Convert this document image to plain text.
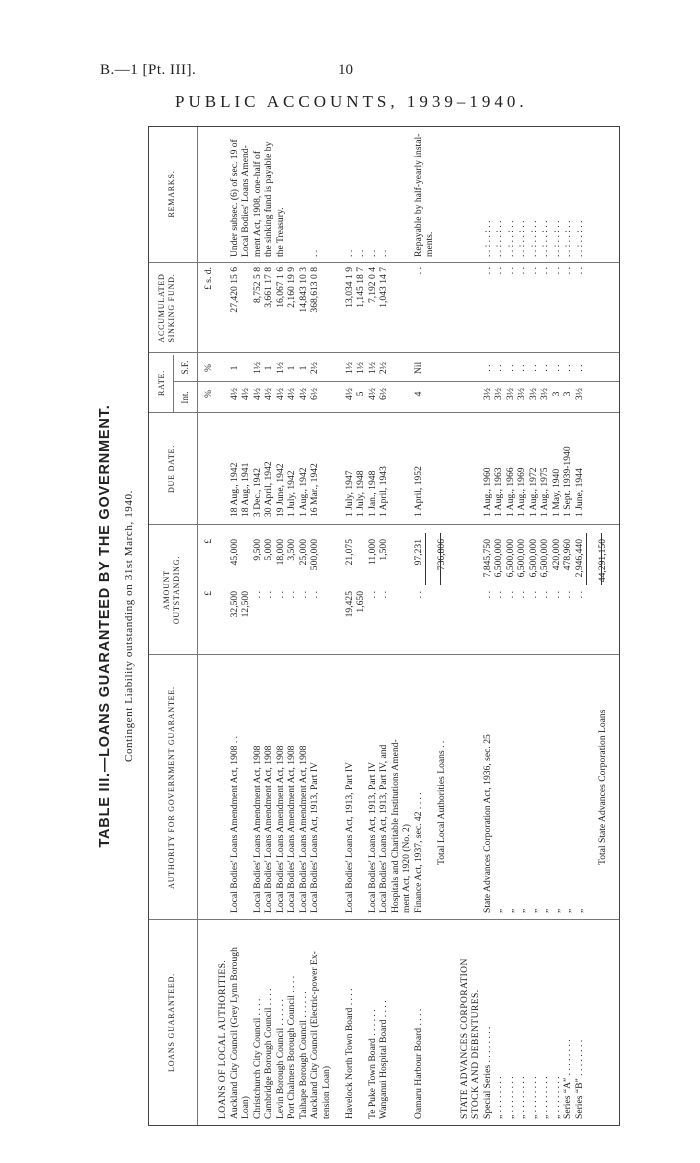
B.—1 [Pt. III].	10
PUBLIC ACCOUNTS, 1939–1940.
TABLE III.—LOANS GUARANTEED BY THE GOVERNMENT. Contingent Liability outstanding on 31st March, 1940.
LOANS GUARANTEED.
AUTHORITY FOR GOVERNMENT GUARANTEE.
AMOUNT OUTSTANDING.
DUE DATE.
RATE.
Int.
S.F.
ACCUMULATED SINKING FUND.
REMARKS.
£
£
%
%
£ s. d.
LOANS OF LOCAL AUTHORITIES. Auckland City Council (Grey Lynn Borough
Local Bodies' Loans Amendment Act, 1908 . .
32,500
45,000
18 Aug., 1942
4½
1
27,420 15 6
Under subsec. (6) of sec. 19 of
Loan)
12,500
18 Aug., 1941
4½
Local Bodies' Loans Amend-
Christchurch City Council . . . .
Local Bodies' Loans Amendment Act, 1908
. .
9,500
3 Dec., 1942
4½
1½
8,752 5 8
ment Act, 1908, one-half of
Cambridge Borough Council . . . .
Local Bodies' Loans Amendment Act, 1908
. .
5,000
30 April, 1942
4½
1
3,661 17 8
the sinking fund is payable by
Levin Borough Council . . . . . .
Local Bodies' Loans Amendment Act, 1908
. .
18,000
19 June, 1942
4½
1½
16,067 1 6
the Treasury.
Port Chalmers Borough Council . . . .
Local Bodies' Loans Amendment Act, 1908
. .
3,500
1 July, 1942
4½
1
2,160 19 9
Taihape Borough Council . . . . . .
Local Bodies' Loans Amendment Act, 1908
. .
25,000
1 Aug., 1942
4½
1
14,843 10 3
Auckland City Council (Electric-power Ex-
Local Bodies' Loans Act, 1913, Part IV
. .
500,000
16 Mar., 1942
6½
2½
368,613 0 8
. .
tension Loan) Havelock North Town Board . . . .
Local Bodies' Loans Act, 1913, Part IV
19,425
21,075
1 July, 1947
4½
1½
13,034 1 9
. .
1,650
1 July, 1948
5
1½
1,145 18 7
. .
Te Puke Town Board . . . . . .
Local Bodies' Loans Act, 1913, Part IV
. .
11,000
1 Jan., 1948
4½
1½
7,192 0 4
. .
Wanganui Hospital Board . . . .
Local Bodies' Loans Act, 1913, Part IV, and
. .
1,500
1 April, 1943
6½
2½
1,043 14 7
. .
Hospitals and Charitable Institutions Amend- ment Act, 1920 (No. 2)
Oamaru Harbour Board . . . .
Finance Act, 1937, sec. 42 . . . .
. .
97,231
1 April, 1952
4
Nil
. .
Repayable by half-yearly instal- ments.
Total Local Authorities Loans . .
736,806
STATE ADVANCES CORPORATION STOCK AND DEBENTURES. Special Series . . . . . . . .
State Advances Corporation Act, 1936, sec. 25
. .
7,845,750
1 Aug., 1960
3½
. .
. .
. . : . . : . .
„ . . . . . . . .
„
. .
6,500,000
1 Aug., 1963
3½
. .
. .
. . : . . : . .
„ . . . . . . . .
„
. .
6,500,000
1 Aug., 1966
3½
. .
. .
. . : . . : . .
„ . . . . . . . .
„
. .
6,500,000
1 Aug., 1969
3½
. .
. .
. . : . . : . .
„ . . . . . . . .
„
. .
6,500,000
1 Aug., 1972
3½
. .
. .
. . : . . : . .
„ . . . . . . . .
„
. .
6,500,000
1 Aug., 1975
3½
. .
. .
. . : . . : . .
„ . . . . . . . .
„
. .
420,000
1 May, 1940
3
. .
. .
. . : . . : . .
Series “A” . . . . . . . .
„
. .
478,960
1 Sept. 1939-1940
3
. .
. .
. . : . . : . .
Series “B” . . . . . . . .
„
. .
2,946,440
1 June, 1944
3½
. .
. .
. . : . . : . .
Total State Advances Corporation Loans
44,291,150
